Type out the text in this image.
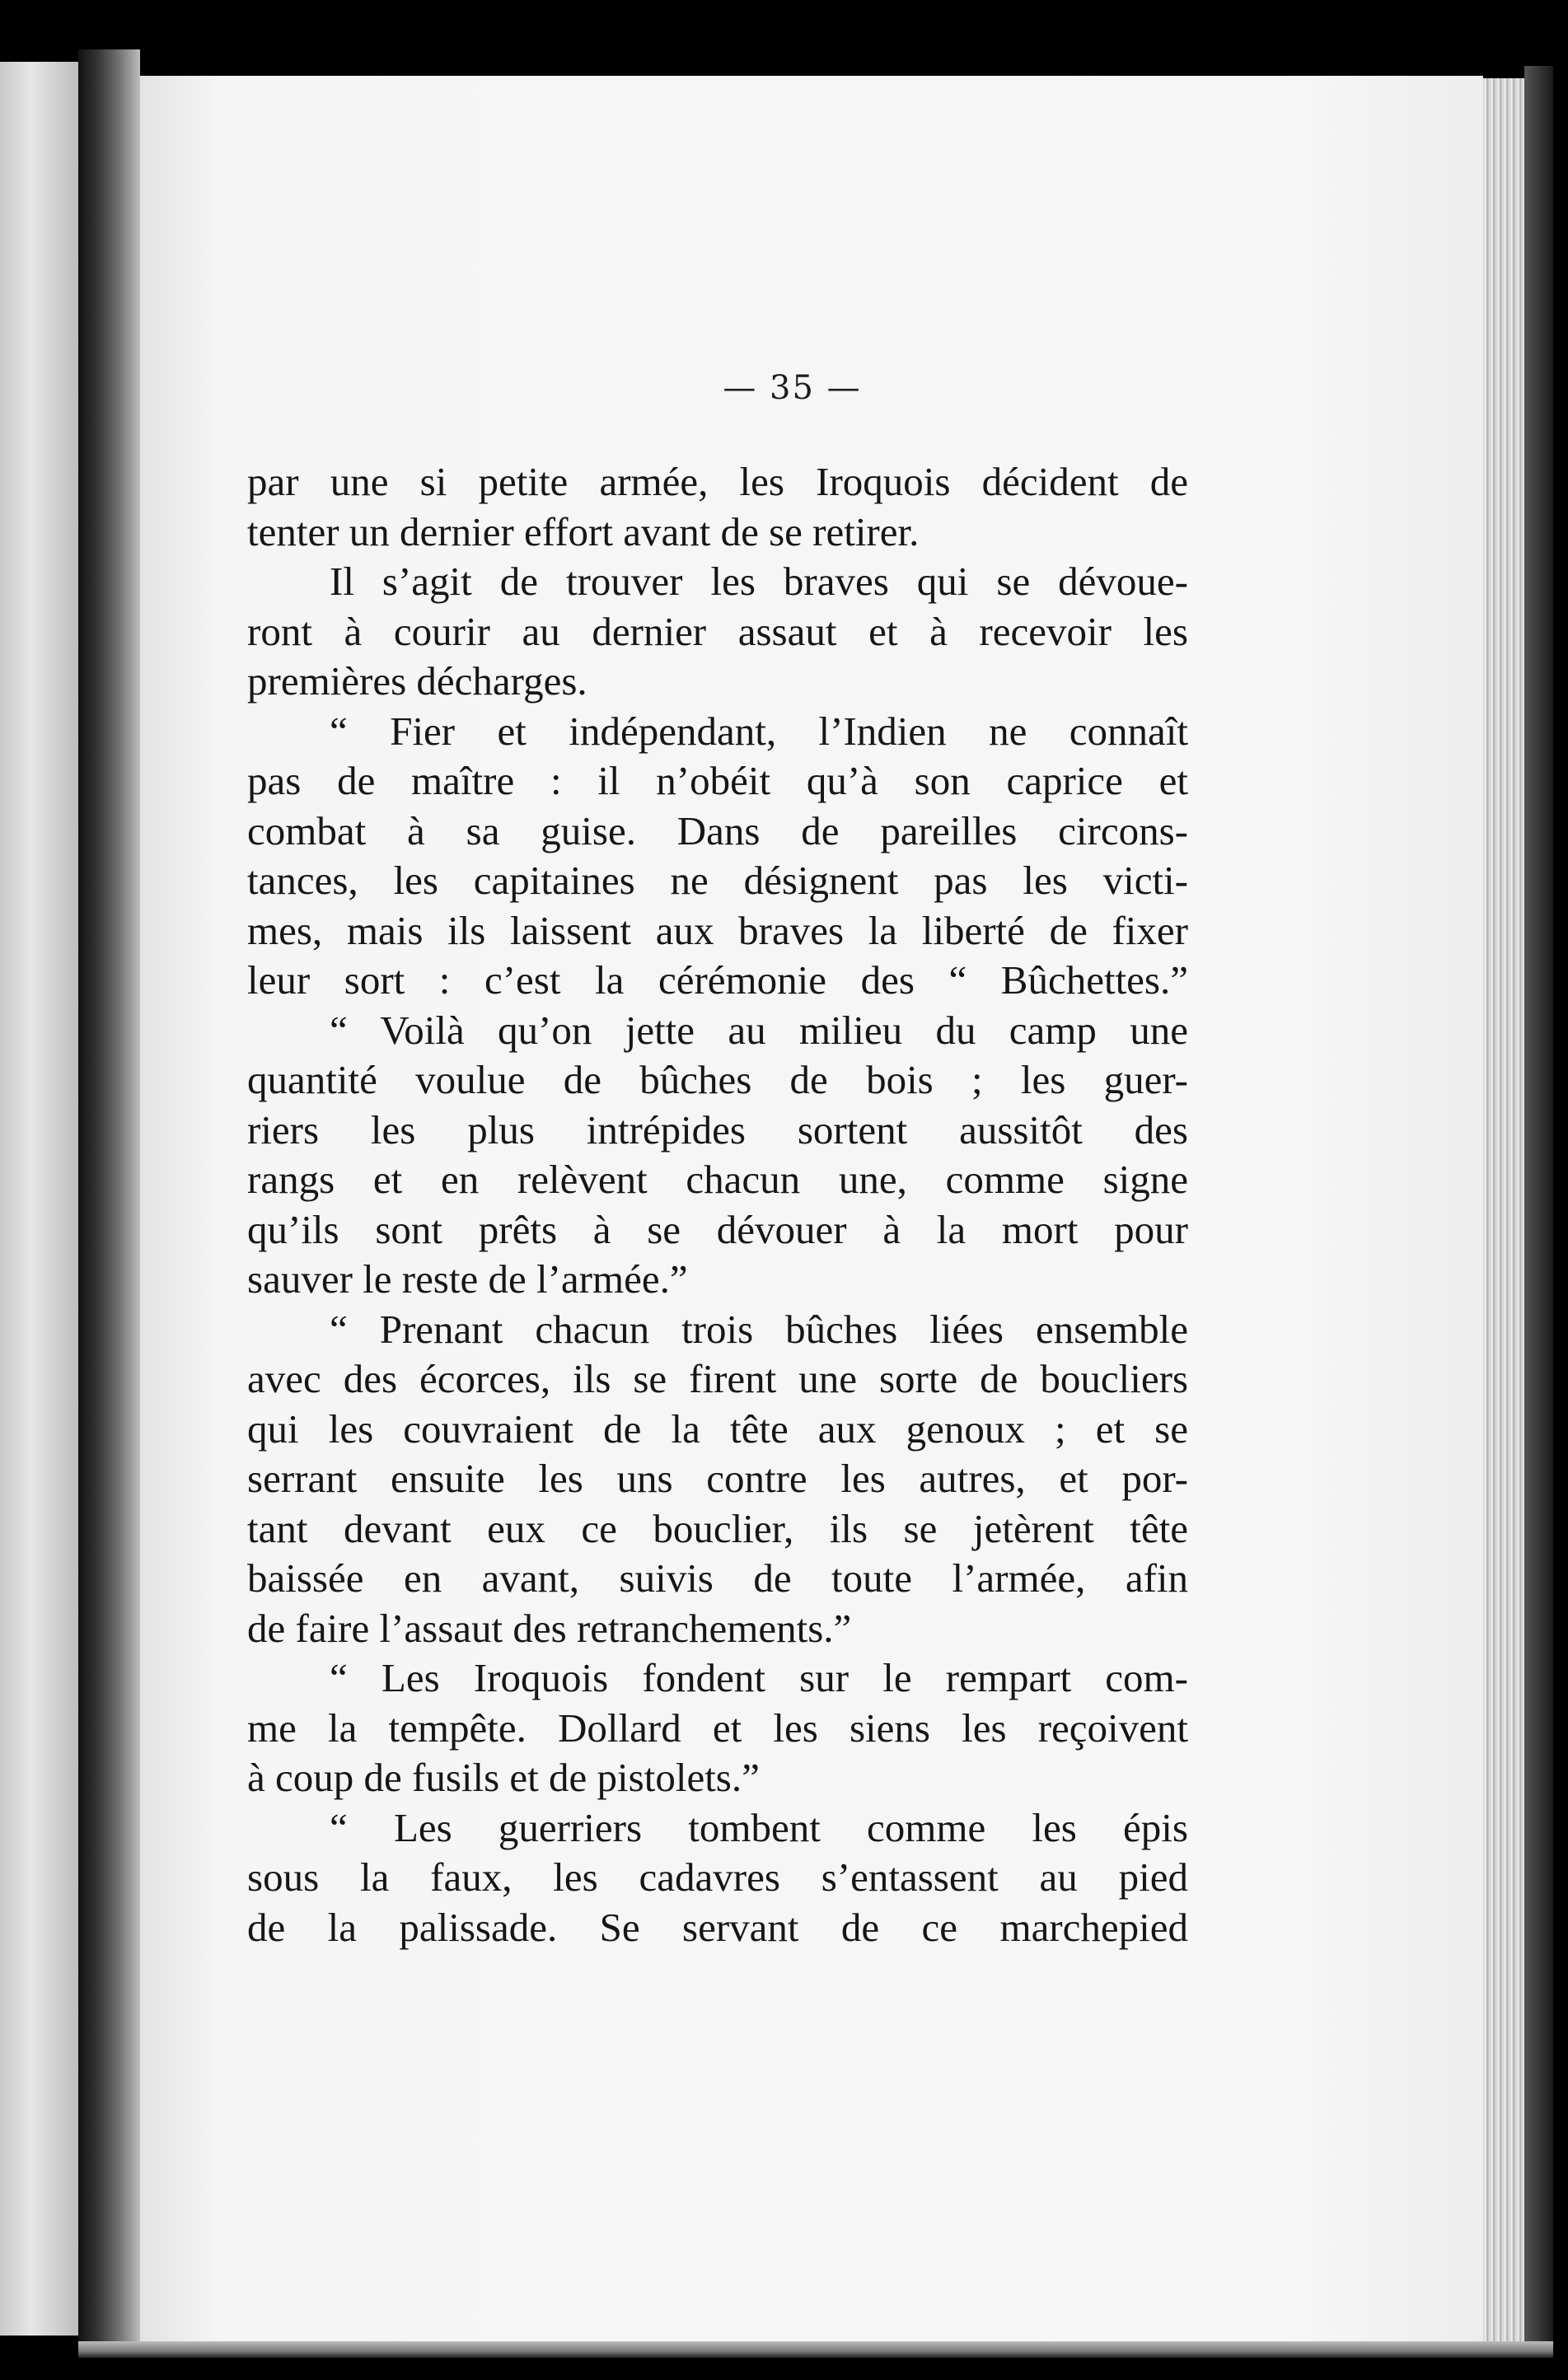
— 35 —
par une si petite armée, les Iroquois décident de
tenter un dernier effort avant de se retirer.
Il s’agit de trouver les braves qui se dévoue-
ront à courir au dernier assaut et à recevoir les
premières décharges.
“ Fier et indépendant, l’Indien ne connaît
pas de maître : il n’obéit qu’à son caprice et
combat à sa guise. Dans de pareilles circons-
tances, les capitaines ne désignent pas les victi-
mes, mais ils laissent aux braves la liberté de fixer
leur sort : c’est la cérémonie des “ Bûchettes.”
“ Voilà qu’on jette au milieu du camp une
quantité voulue de bûches de bois ; les guer-
riers les plus intrépides sortent aussitôt des
rangs et en relèvent chacun une, comme signe
qu’ils sont prêts à se dévouer à la mort pour
sauver le reste de l’armée.”
“ Prenant chacun trois bûches liées ensemble
avec des écorces, ils se firent une sorte de boucliers
qui les couvraient de la tête aux genoux ; et se
serrant ensuite les uns contre les autres, et por-
tant devant eux ce bouclier, ils se jetèrent tête
baissée en avant, suivis de toute l’armée, afin
de faire l’assaut des retranchements.”
“ Les Iroquois fondent sur le rempart com-
me la tempête. Dollard et les siens les reçoivent
à coup de fusils et de pistolets.”
“ Les guerriers tombent comme les épis
sous la faux, les cadavres s’entassent au pied
de la palissade. Se servant de ce marchepied
